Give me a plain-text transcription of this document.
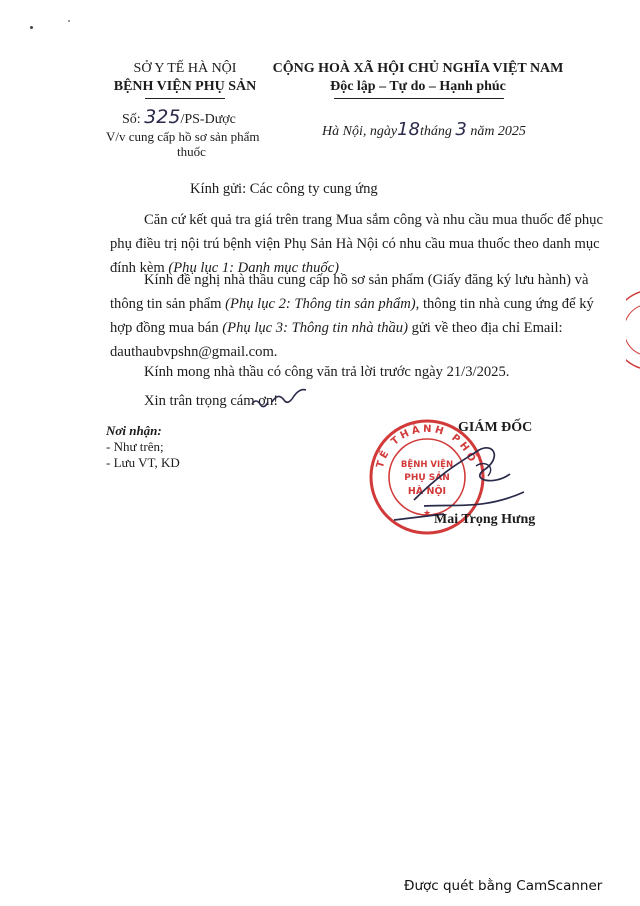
SỞ Y TẾ HÀ NỘI
BỆNH VIỆN PHỤ SẢN
Số: 325/PS-Dược
V/v cung cấp hồ sơ sản phẩm
thuốc
CỘNG HOÀ XÃ HỘI CHỦ NGHĨA VIỆT NAM
Độc lập – Tự do – Hạnh phúc
Hà Nội, ngày18tháng 3 năm 2025
Kính gửi: Các công ty cung ứng
Căn cứ kết quả tra giá trên trang Mua sắm công và nhu cầu mua thuốc để phục
phụ điều trị nội trú bệnh viện Phụ Sản Hà Nội có nhu cầu mua thuốc theo danh mục
đính kèm (Phụ lục 1: Danh mục thuốc)
Kính đề nghị nhà thầu cung cấp hồ sơ sản phẩm (Giấy đăng ký lưu hành) và
thông tin sản phẩm (Phụ lục 2: Thông tin sản phẩm), thông tin nhà cung ứng để ký
hợp đồng mua bán (Phụ lục 3: Thông tin nhà thầu) gửi về theo địa chỉ Email:
dauthaubvpshn@gmail.com.
Kính mong nhà thầu có công văn trả lời trước ngày 21/3/2025.
Xin trân trọng cám ơn!
Nơi nhận:
- Như trên;
- Lưu VT, KD
GIÁM ĐỐC
TẾ THÀNH PHỐ
BỆNH VIỆN
PHỤ SẢN
HÀ NỘI
★ Mai Trọng Hưng
Được quét bằng CamScanner
